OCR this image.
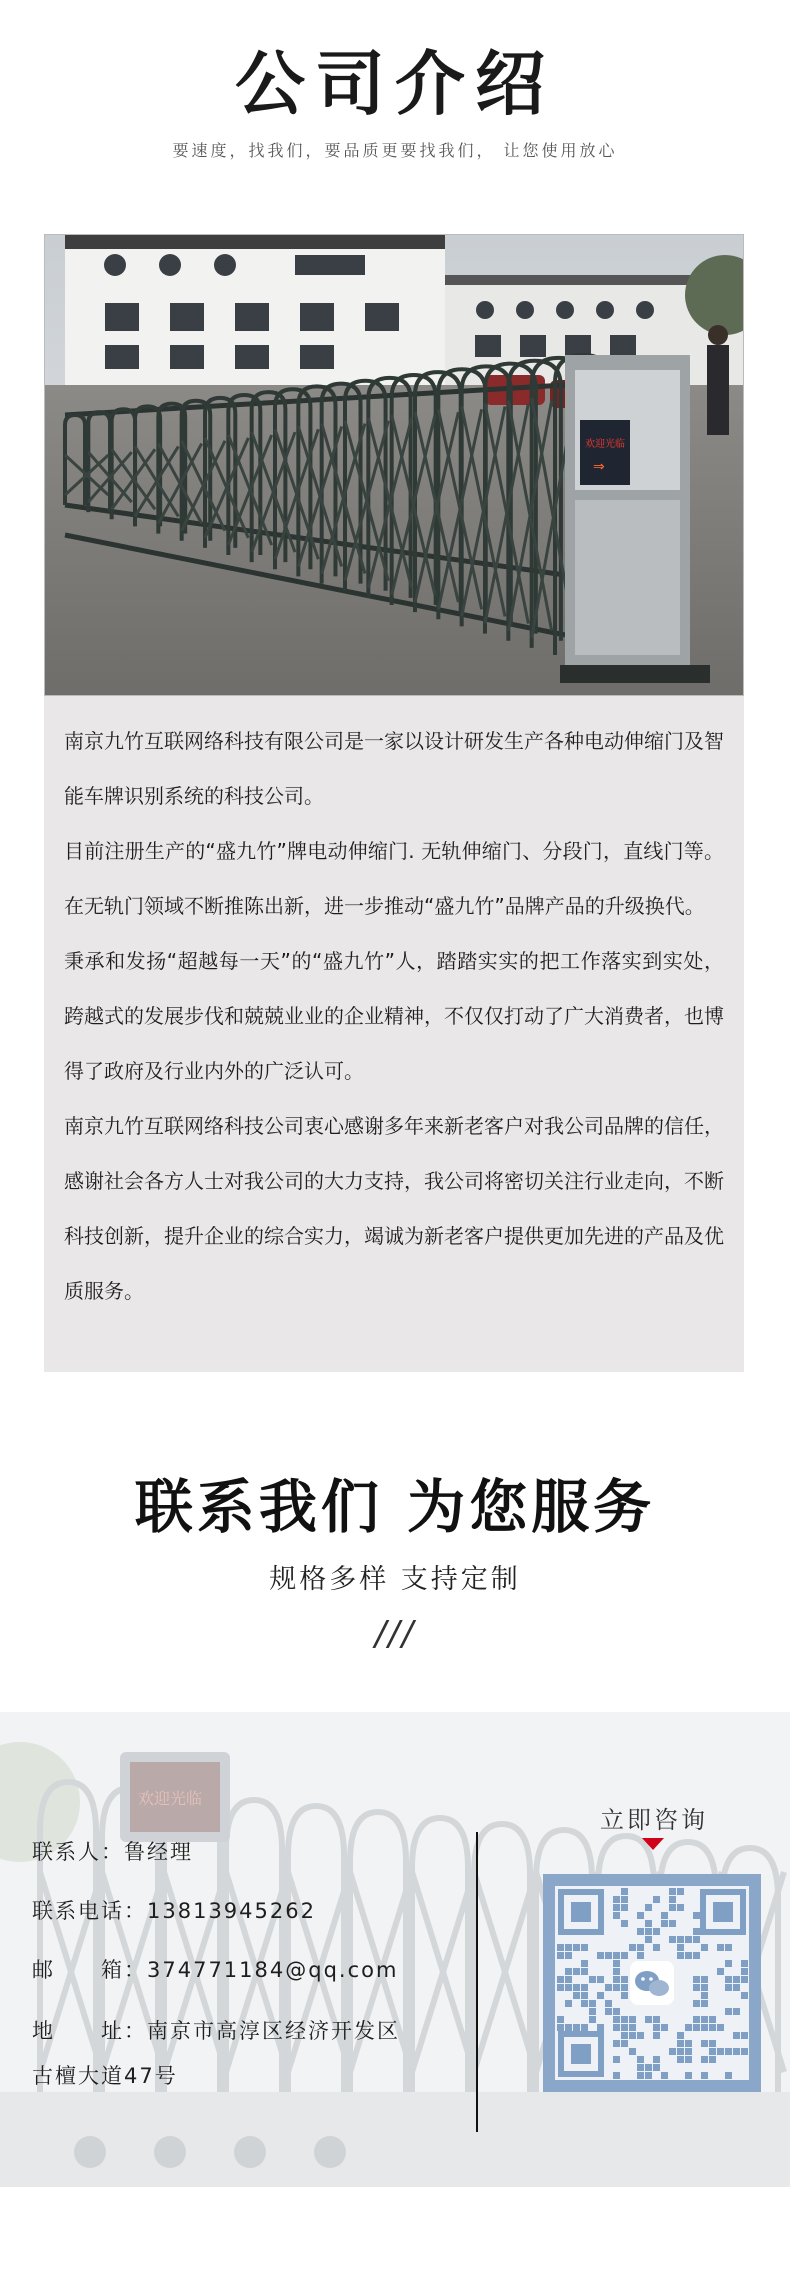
公司介绍
要速度，找我们，要品质更要找我们， 让您使用放心
欢迎光临
⇒

南京九竹互联网络科技有限公司是一家以设计研发生产各种电动伸缩门及智能车牌识别系统的科技公司。

目前注册生产的“盛九竹”牌电动伸缩门. 无轨伸缩门、分段门，直线门等。在无轨门领域不断推陈出新，进一步推动“盛九竹”品牌产品的升级换代。

秉承和发扬“超越每一天”的“盛九竹”人，踏踏实实的把工作落实到实处，跨越式的发展步伐和兢兢业业的企业精神，不仅仅打动了广大消费者，也博得了政府及行业内外的广泛认可。

南京九竹互联网络科技公司衷心感谢多年来新老客户对我公司品牌的信任，感谢社会各方人士对我公司的大力支持，我公司将密切关注行业走向，不断科技创新，提升企业的综合实力，竭诚为新老客户提供更加先进的产品及优质服务。

联系我们 为您服务
规格多样 支持定制
///
欢迎光临
联系人：鲁经理
联系电话：13813945262
邮　　箱：374771184@qq.com
地　　址：南京市高淳区经济开发区
古檀大道47号
立即咨询
